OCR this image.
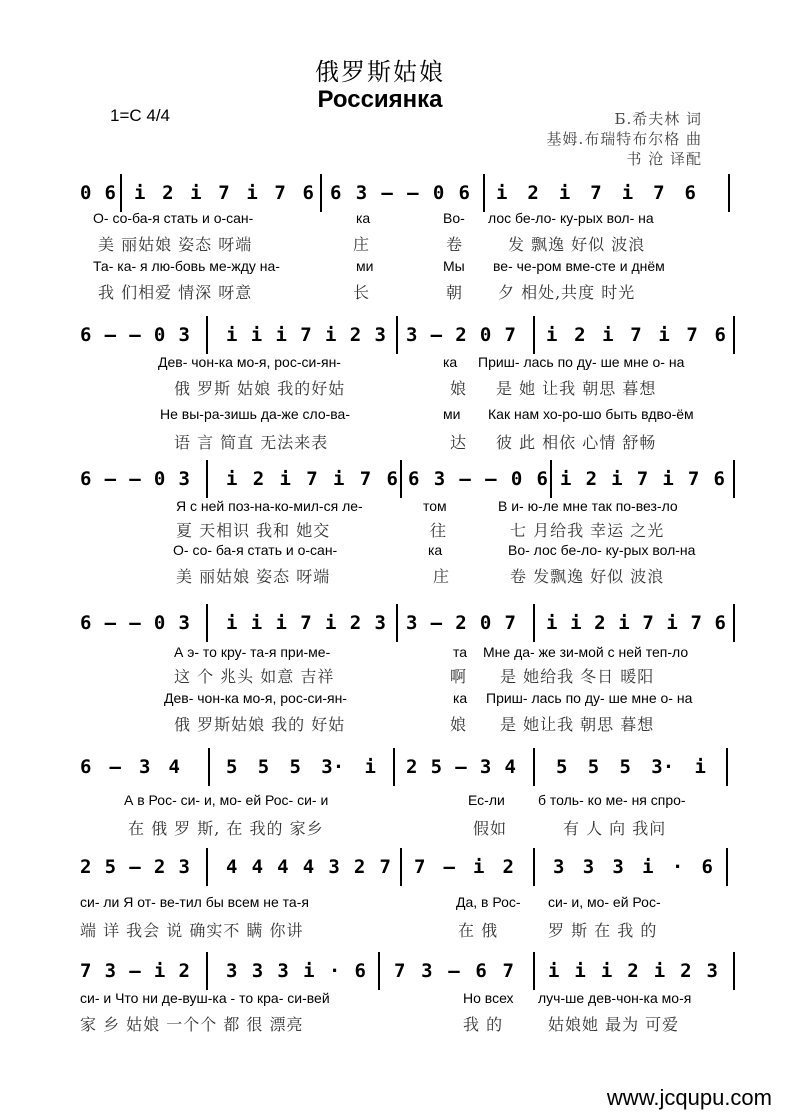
俄罗斯姑娘
Россиянка
1=C 4/4	Б.希夫林 词
基姆.布瑞特布尔格 曲
书 沧 译配
0 6 i 2 i 7 i 7 6 6 3 — — 0 6 i 2 i 7 i 7 6
О- со-ба-я стать и о-сан-	ка	Во- лос бе-ло- ку-рых вол- на
美 丽姑娘 姿态 呀端	庄	卷	发 飘逸 好似 波浪
Та- ка- я лю-бовь ме-жду на-	ми	Мы ве- че-ром вме-сте и днём
我 们相爱 情深 呀意	长	朝 夕 相处,共度 时光
6 — — 0 3 i i i 7 i 2 3 3 — 2 0 7 i 2 i 7 i 7 6
Дев- чон-ка мо-я, рос-си-ян-	ка Приш- лась по ду- ше мне о- на
俄 罗斯 姑娘 我的好姑	娘 是 她 让我 朝思 暮想
Не вы-ра-зишь да-же сло-ва-	ми Как нам хо-ро-шо быть вдво-ём
语 言 简直 无法来表	达 彼 此 相依 心情 舒畅
6 — — 0 3 i 2 i 7 i 7 6 6 3 — — 0 6 i 2 i 7 i 7 6
Я с ней поз-на-ко-мил-ся ле-	том	В и- ю-ле мне так по-вез-ло
夏 天相识 我和 她交	往	七 月给我 幸运 之光
О- со- ба-я стать и о-сан-	ка	Во- лос бе-ло- ку-рых вол-на
美 丽姑娘 姿态 呀端	庄	卷 发飘逸 好似 波浪
6 — — 0 3 i i i 7 i 2 3 3 — 2 0 7 i i 2 i 7 i 7 6
А э- то кру- та-я при-ме-	та Мне да- же зи-мой с ней теп-ло
这 个 兆头 如意 吉祥	啊 是 她给我 冬日 暖阳
Дев- чон-ка мо-я, рос-си-ян-	ка Приш- лась по ду- ше мне о- на
俄 罗斯姑娘 我的 好姑	娘 是 她让我 朝思 暮想
6 — 3 4 5 5 5 3· i 2 5 — 3 4 5 5 5 3· i
А в Рос- си- и, мо- ей Рос- си- и	Ес-ли б толь- ко ме- ня спро-
在 俄 罗 斯, 在 我的 家乡	假如	有 人 向 我问
2 5 — 2 3 4 4 4 4 3 2 7 7 — i 2 3 3 3 i · 6
си- ли Я от- ве-тил бы всем не та-я	Да, в Рос- си- и, мо- ей Рос-
端 详 我会 说 确实不 瞒 你讲	在 俄	罗 斯 在 我 的
7 3 — i 2 3 3 3 i · 6 7 3 — 6 7 i i i 2 i 2 3
си- и Что ни де-вуш-ка - то кра- си-вей	Но всех луч-ше дев-чон-ка мо-я
家 乡 姑娘 一个个 都 很 漂亮	我 的	姑娘她 最为 可爱
www.jcqupu.com
